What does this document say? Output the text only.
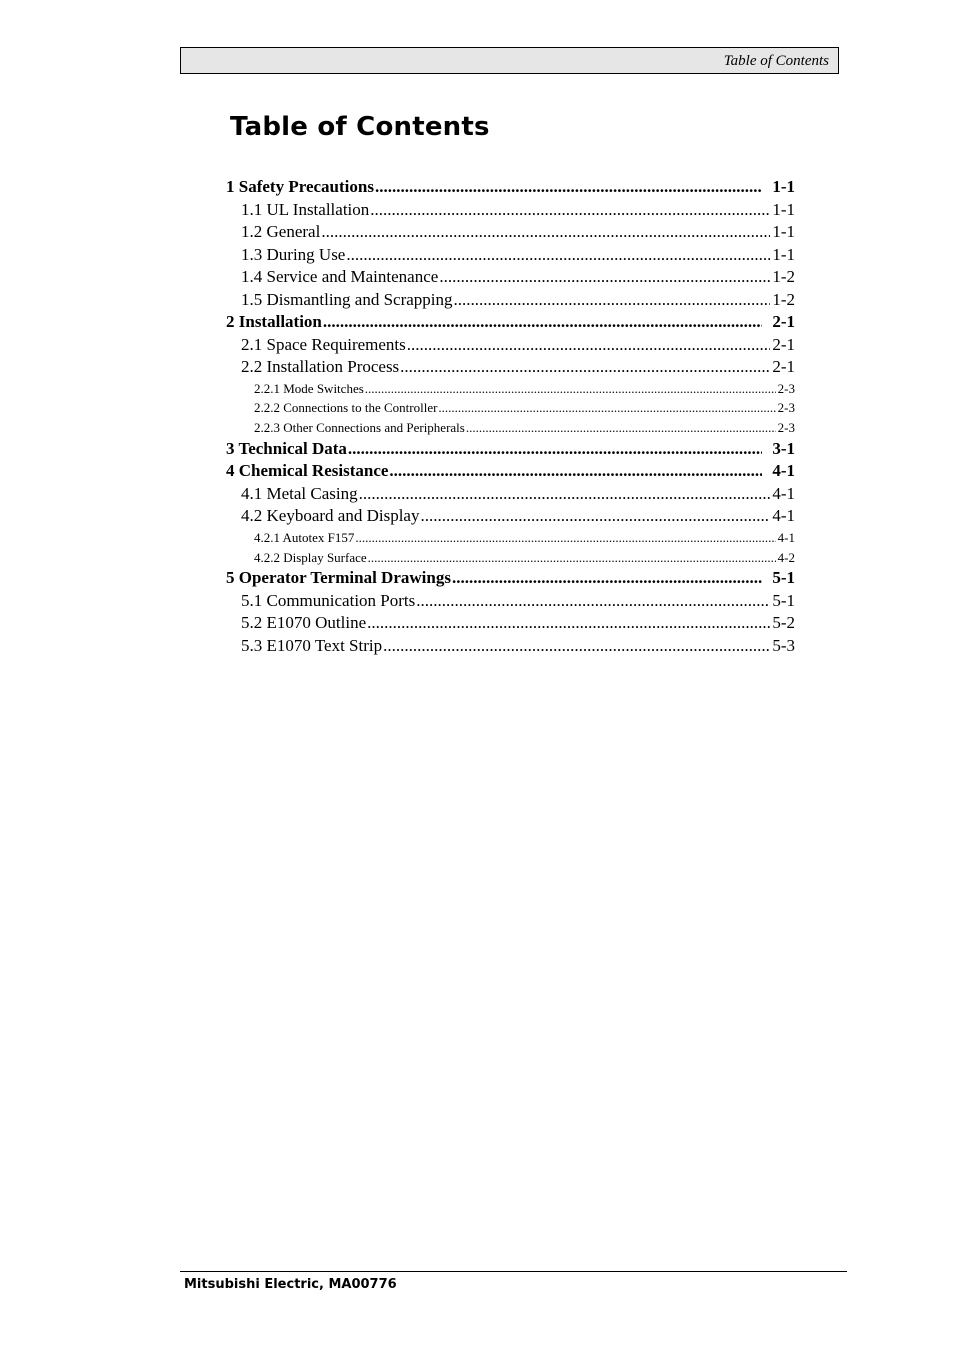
Table of Contents
Table of Contents
1 Safety Precautions .....	1-1
1.1 UL Installation .....	1-1
1.2 General .....	1-1
1.3 During Use .....	1-1
1.4 Service and Maintenance .....	1-2
1.5 Dismantling and Scrapping .....	1-2
2 Installation .....	2-1
2.1 Space Requirements .....	2-1
2.2 Installation Process .....	2-1
2.2.1 Mode Switches .....	2-3
2.2.2 Connections to the Controller .....	2-3
2.2.3 Other Connections and Peripherals .....	2-3
3 Technical Data .....	3-1
4 Chemical Resistance .....	4-1
4.1 Metal Casing .....	4-1
4.2 Keyboard and Display .....	4-1
4.2.1 Autotex F157 .....	4-1
4.2.2 Display Surface .....	4-2
5 Operator Terminal Drawings .....	5-1
5.1 Communication Ports .....	5-1
5.2 E1070 Outline .....	5-2
5.3 E1070 Text Strip .....	5-3
Mitsubishi Electric, MA00776
